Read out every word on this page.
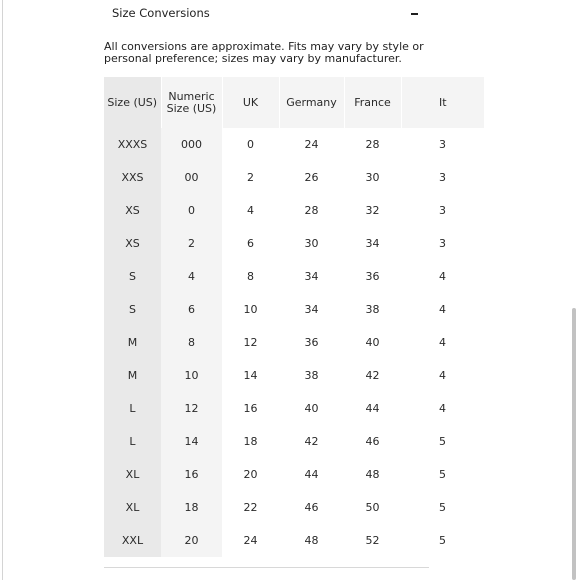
Size Conversions
All conversions are approximate. Fits may vary by style or personal preference; sizes may vary by manufacturer.
Size (US)	Numeric Size (US)	UK	Germany	France	It
XXXS	000	0	24	28	3
XXS	00	2	26	30	3
XS	0	4	28	32	3
XS	2	6	30	34	3
S	4	8	34	36	4
S	6	10	34	38	4
M	8	12	36	40	4
M	10	14	38	42	4
L	12	16	40	44	4
L	14	18	42	46	5
XL	16	20	44	48	5
XL	18	22	46	50	5
XXL	20	24	48	52	5
